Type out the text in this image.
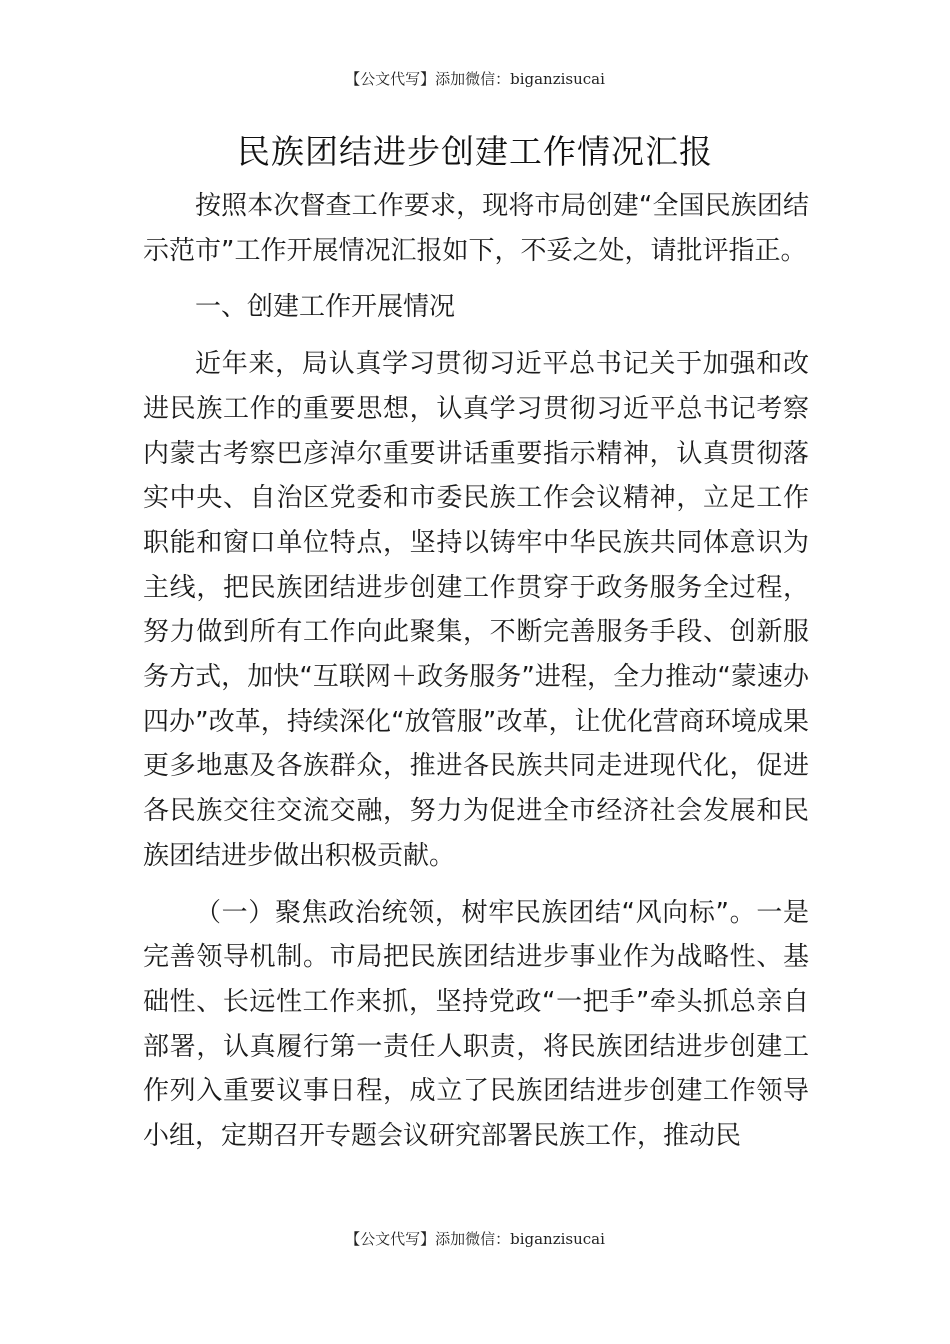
【公文代写】添加微信：biganzisucai
民族团结进步创建工作情况汇报

按照本次督查工作要求，现将市局创建“全国民族团结示范市”工作开展情况汇报如下，不妥之处，请批评指正。

一、创建工作开展情况

近年来，局认真学习贯彻习近平总书记关于加强和改进民族工作的重要思想，认真学习贯彻习近平总书记考察内蒙古考察巴彦淖尔重要讲话重要指示精神，认真贯彻落实中央、自治区党委和市委民族工作会议精神，立足工作职能和窗口单位特点，坚持以铸牢中华民族共同体意识为主线，把民族团结进步创建工作贯穿于政务服务全过程，努力做到所有工作向此聚集，不断完善服务手段、创新服务方式，加快“互联网＋政务服务”进程，全力推动“蒙速办四办”改革，持续深化“放管服”改革，让优化营商环境成果更多地惠及各族群众，推进各民族共同走进现代化，促进各民族交往交流交融，努力为促进全市经济社会发展和民族团结进步做出积极贡献。

（一）聚焦政治统领，树牢民族团结“风向标”。一是完善领导机制。市局把民族团结进步事业作为战略性、基础性、长远性工作来抓，坚持党政“一把手”牵头抓总亲自部署，认真履行第一责任人职责，将民族团结进步创建工作列入重要议事日程，成立了民族团结进步创建工作领导小组，定期召开专题会议研究部署民族工作，推动民

【公文代写】添加微信：biganzisucai
